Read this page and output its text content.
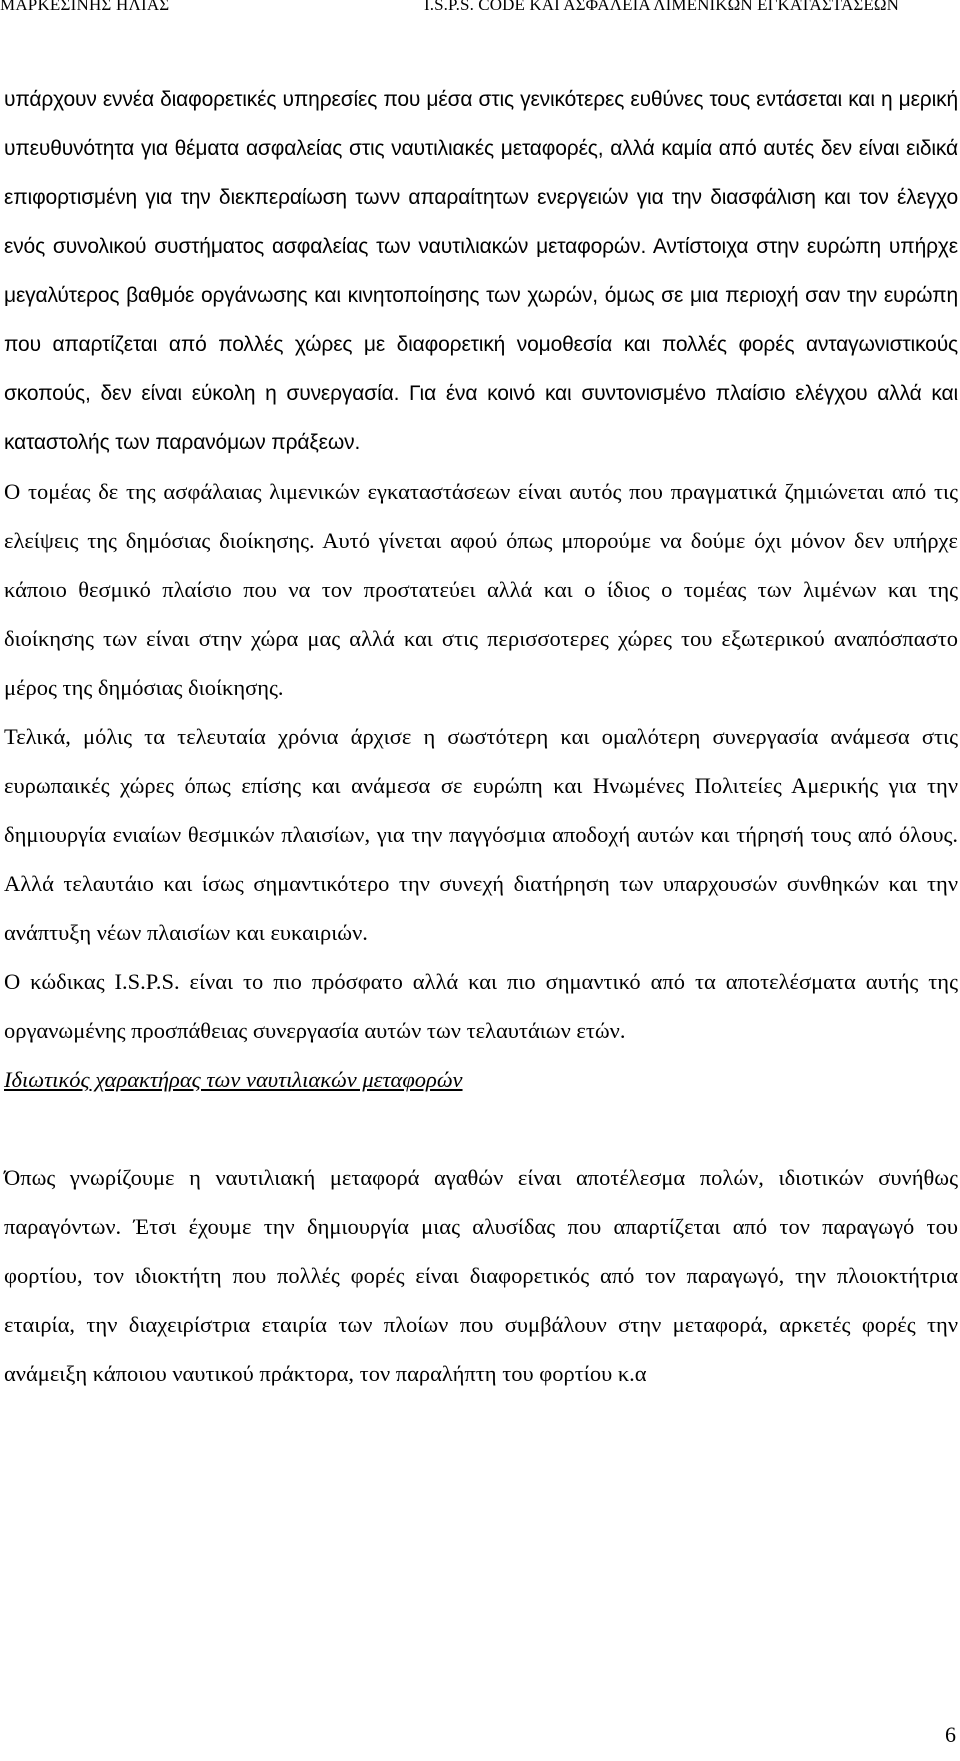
ΜΑΡΚΕΣΙΝΗΣ ΗΛΙΑΣ	I.S.P.S. CODE ΚΑΙ ΑΣΦΑΛΕΙΑ ΛΙΜΕΝΙΚΩΝ ΕΓΚΑΤΑΣΤΑΣΕΩΝ

υπάρχουν εννέα διαφορετικές υπηρεσίες που μέσα στις γενικότερες ευθύνες τους εντάσεται και η μερική υπευθυνότητα για θέματα ασφαλείας στις ναυτιλιακές μεταφορές, αλλά καμία από αυτές δεν είναι ειδικά επιφορτισμένη για την διεκπεραίωση τωνν απαραίτητων ενεργειών για την διασφάλιση και τον έλεγχο ενός συνολικού συστήματος ασφαλείας των ναυτιλιακών μεταφορών. Αντίστοιχα στην ευρώπη υπήρχε μεγαλύτερος βαθμόε οργάνωσης και κινητοποίησης των χωρών, όμως σε μια περιοχή σαν την ευρώπη που απαρτίζεται από πολλές χώρες με διαφορετική νομοθεσία και πολλές φορές ανταγωνιστικούς σκοπούς, δεν είναι εύκολη η συνεργασία. Για ένα κοινό και συντονισμένο πλαίσιο ελέγχου αλλά και καταστολής των παρανόμων πράξεων.

Ο τομέας δε της ασφάλαιας λιμενικών εγκαταστάσεων είναι αυτός που πραγματικά ζημιώνεται από τις ελείψεις της δημόσιας διοίκησης. Αυτό γίνεται αφού όπως μπορούμε να δούμε όχι μόνον δεν υπήρχε κάποιο θεσμικό πλαίσιο που να τον προστατεύει αλλά και ο ίδιος ο τομέας των λιμένων και της διοίκησης των είναι στην χώρα μας αλλά και στις περισσοτερες χώρες του εξωτερικού αναπόσπαστο μέρος της δημόσιας διοίκησης.

Τελικά, μόλις τα τελευταία χρόνια άρχισε η σωστότερη και ομαλότερη συνεργασία ανάμεσα στις ευρωπαικές χώρες όπως επίσης και ανάμεσα σε ευρώπη και Ηνωμένες Πολιτείες Αμερικής για την δημιουργία ενιαίων θεσμικών πλαισίων, για την παγγόσμια αποδοχή αυτών και τήρησή τους από όλους. Αλλά τελαυτάιο και ίσως σημαντικότερο την συνεχή διατήρηση των υπαρχουσών συνθηκών και την ανάπτυξη νέων πλαισίων και ευκαιριών.

Ο κώδικας I.S.P.S. είναι το πιο πρόσφατο αλλά και πιο σημαντικό από τα αποτελέσματα αυτής της οργανωμένης προσπάθειας συνεργασία αυτών των τελαυτάιων ετών.

Ιδιωτικός χαρακτήρας των ναυτιλιακών μεταφορών

Όπως γνωρίζουμε η ναυτιλιακή μεταφορά αγαθών είναι αποτέλεσμα πολών, ιδιοτικών συνήθως παραγόντων. Έτσι έχουμε την δημιουργία μιας αλυσίδας που απαρτίζεται από τον παραγωγό του φορτίου, τον ιδιοκτήτη που πολλές φορές είναι διαφορετικός από τον παραγωγό, την πλοιοκτήτρια εταιρία, την διαχειρίστρια εταιρία των πλοίων που συμβάλουν στην μεταφορά, αρκετές φορές την ανάμειξη κάποιου ναυτικού πράκτορα, τον παραλήπτη του φορτίου κ.α

6
